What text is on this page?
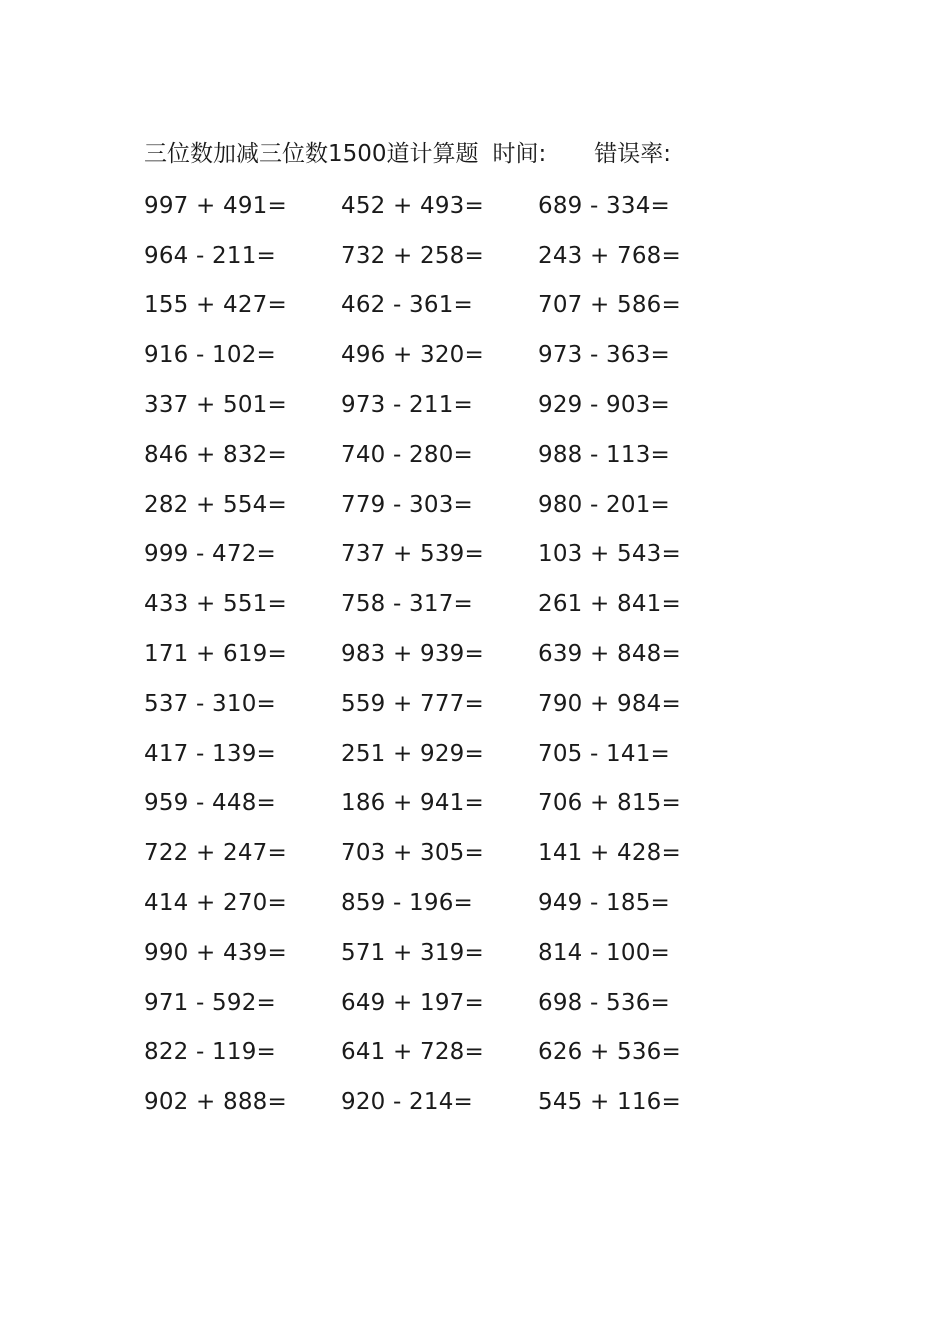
三位数加减三位数1500道计算题 时间: 错误率:
997 + 491=	452 + 493=	689 - 334=
964 - 211=	732 + 258=	243 + 768=
155 + 427=	462 - 361=	707 + 586=
916 - 102=	496 + 320=	973 - 363=
337 + 501=	973 - 211=	929 - 903=
846 + 832=	740 - 280=	988 - 113=
282 + 554=	779 - 303=	980 - 201=
999 - 472=	737 + 539=	103 + 543=
433 + 551=	758 - 317=	261 + 841=
171 + 619=	983 + 939=	639 + 848=
537 - 310=	559 + 777=	790 + 984=
417 - 139=	251 + 929=	705 - 141=
959 - 448=	186 + 941=	706 + 815=
722 + 247=	703 + 305=	141 + 428=
414 + 270=	859 - 196=	949 - 185=
990 + 439=	571 + 319=	814 - 100=
971 - 592=	649 + 197=	698 - 536=
822 - 119=	641 + 728=	626 + 536=
902 + 888=	920 - 214=	545 + 116=
